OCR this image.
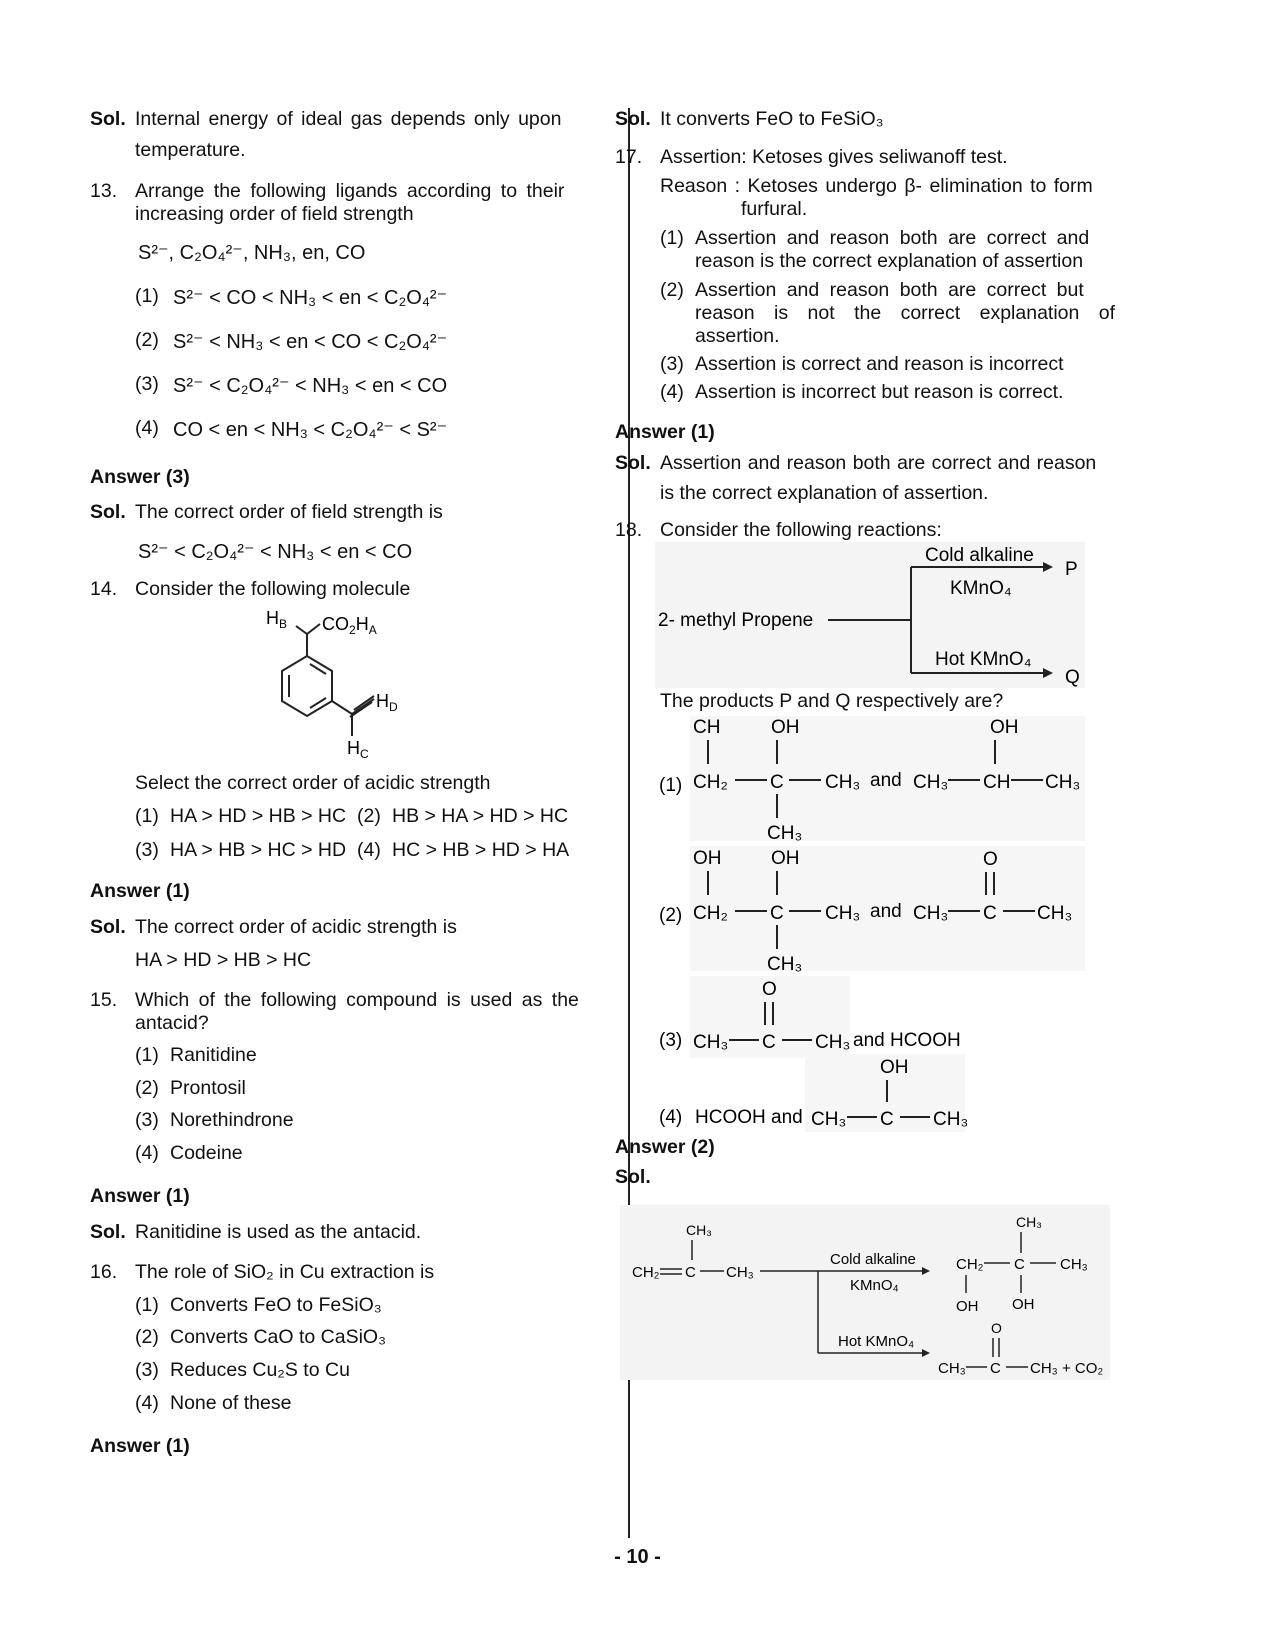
Sol. Internal energy of ideal gas depends only upon
temperature.
13. Arrange the following ligands according to their
increasing order of field strength
S²⁻, C₂O₄²⁻, NH₃, en, CO
(1) S²⁻ < CO < NH₃ < en < C₂O₄²⁻
(2) S²⁻ < NH₃ < en < CO < C₂O₄²⁻
(3) S²⁻ < C₂O₄²⁻ < NH₃ < en < CO
(4) CO < en < NH₃ < C₂O₄²⁻ < S²⁻
Answer (3)
Sol. The correct order of field strength is
S²⁻ < C₂O₄²⁻ < NH₃ < en < CO
14. Consider the following molecule
$H_B$ $CO_2H_A$
$H_D$
$H_C$
Select the correct order of acidic strength
(1) HA > HD > HB > HC (2) HB > HA > HD > HC
(3) HA > HB > HC > HD (4) HC > HB > HD > HA
Answer (1)
Sol. The correct order of acidic strength is
HA > HD > HB > HC
15. Which of the following compound is used as the
antacid?
(1) Ranitidine
(2) Prontosil
(3) Norethindrone
(4) Codeine
Answer (1)
Sol. Ranitidine is used as the antacid.
16. The role of SiO₂ in Cu extraction is
(1) Converts FeO to FeSiO₃
(2) Converts CaO to CaSiO₃
(3) Reduces Cu₂S to Cu
(4) None of these
Answer (1)
Sol. It converts FeO to FeSiO₃
17. Assertion: Ketoses gives seliwanoff test.
Reason : Ketoses undergo β- elimination to form
furfural.
(1) Assertion and reason both are correct and
reason is the correct explanation of assertion
(2) Assertion and reason both are correct but
reason is not the correct explanation of
assertion.
(3) Assertion is correct and reason is incorrect
(4) Assertion is incorrect but reason is correct.
Answer (1)
Sol. Assertion and reason both are correct and reason
is the correct explanation of assertion.
18. Consider the following reactions:
2- methyl Propene
Cold alkaline
KMnO₄
P
Hot KMnO₄
Q
The products P and Q respectively are?
(1)
CH
CH₂
OH
C
CH₃
CH₃ and CH₃
OH
CH CH₃
(2)
OH
CH₂
OH
C
CH₃
CH₃ and CH₃
O
C CH₃
(3) CH₃
O
C CH₃ and HCOOH
(4) HCOOH and CH₃
OH
C CH₃
Answer (2)
Sol.
CH₃
CH₂ C CH₃
Cold alkaline
KMnO₄
Hot KMnO₄
CH₃
CH₂ C CH₃
OH OH
O
CH₃ C CH₃ + CO₂
- 10 -
